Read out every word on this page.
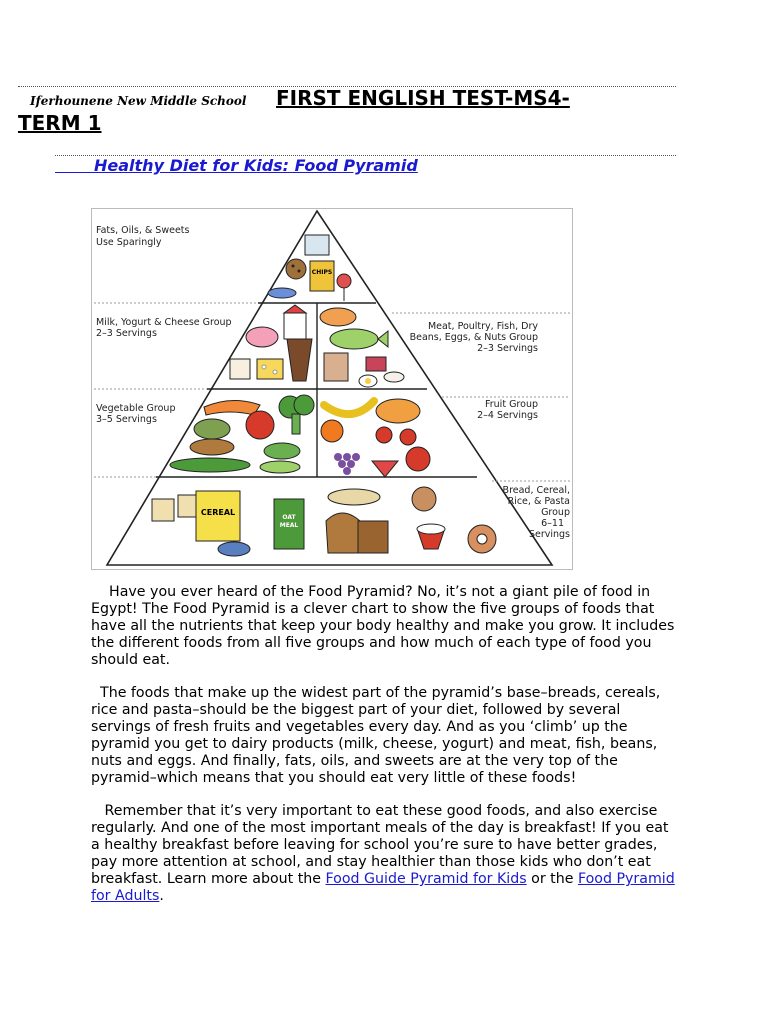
FIRST ENGLISH TEST-MS4-
TERM 1
Iferhounene New Middle School
Healthy Diet for Kids: Food Pyramid
Fats, Oils, & Sweets
Use Sparingly
Milk, Yogurt & Cheese Group
2–3 Servings
Meat, Poultry, Fish, Dry
Beans, Eggs, & Nuts Group
2–3 Servings
Vegetable Group
3–5 Servings
Fruit Group
2–4 Servings
Bread, Cereal,
Rice, & Pasta
Group
6–11
Servings
CHIPS
CEREAL
OAT
MEAL

Have you ever heard of the Food Pyramid? No, it’s not a giant pile of food in Egypt! The Food Pyramid is a clever chart to show the five groups of foods that have all the nutrients that keep your body healthy and make you grow. It includes the different foods from all five groups and how much of each type of food you should eat.

The foods that make up the widest part of the pyramid’s base–breads, cereals, rice and pasta–should be the biggest part of your diet, followed by several servings of fresh fruits and vegetables every day. And as you ‘climb’ up the pyramid you get to dairy products (milk, cheese, yogurt) and meat, fish, beans, nuts and eggs. And finally, fats, oils, and sweets are at the very top of the pyramid–which means that you should eat very little of these foods!

Remember that it’s very important to eat these good foods, and also exercise regularly. And one of the most important meals of the day is breakfast! If you eat a healthy breakfast before leaving for school you’re sure to have better grades, pay more attention at school, and stay healthier than those kids who don’t eat breakfast. Learn more about the Food Guide Pyramid for Kids or the Food Pyramid for Adults.
